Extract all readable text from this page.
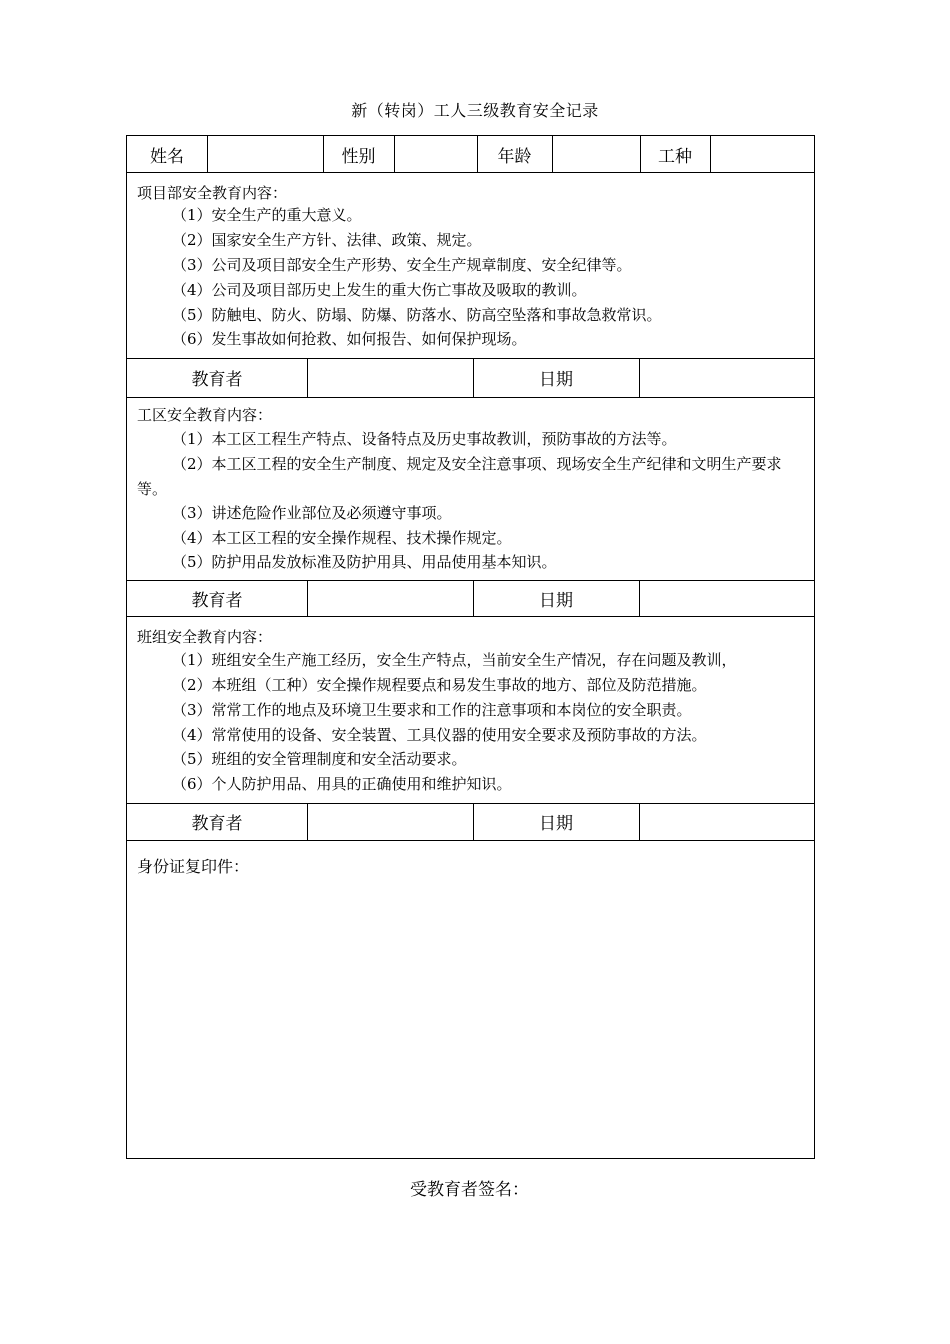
新（转岗）工人三级教育安全记录
姓名	性别	年龄	工种
项目部安全教育内容：
（1）安全生产的重大意义。
（2）国家安全生产方针、法律、政策、规定。
（3）公司及项目部安全生产形势、安全生产规章制度、安全纪律等。
（4）公司及项目部历史上发生的重大伤亡事故及吸取的教训。
（5）防触电、防火、防塌、防爆、防落水、防高空坠落和事故急救常识。
（6）发生事故如何抢救、如何报告、如何保护现场。
教育者	日期
工区安全教育内容：
（1）本工区工程生产特点、设备特点及历史事故教训，预防事故的方法等。
（2）本工区工程的安全生产制度、规定及安全注意事项、现场安全生产纪律和文明生产要求等。
（3）讲述危险作业部位及必须遵守事项。
（4）本工区工程的安全操作规程、技术操作规定。
（5）防护用品发放标准及防护用具、用品使用基本知识。
教育者	日期
班组安全教育内容：
（1）班组安全生产施工经历，安全生产特点，当前安全生产情况，存在问题及教训，
（2）本班组（工种）安全操作规程要点和易发生事故的地方、部位及防范措施。
（3）常常工作的地点及环境卫生要求和工作的注意事项和本岗位的安全职责。
（4）常常使用的设备、安全装置、工具仪器的使用安全要求及预防事故的方法。
（5）班组的安全管理制度和安全活动要求。
（6）个人防护用品、用具的正确使用和维护知识。
教育者	日期
身份证复印件：
受教育者签名：
